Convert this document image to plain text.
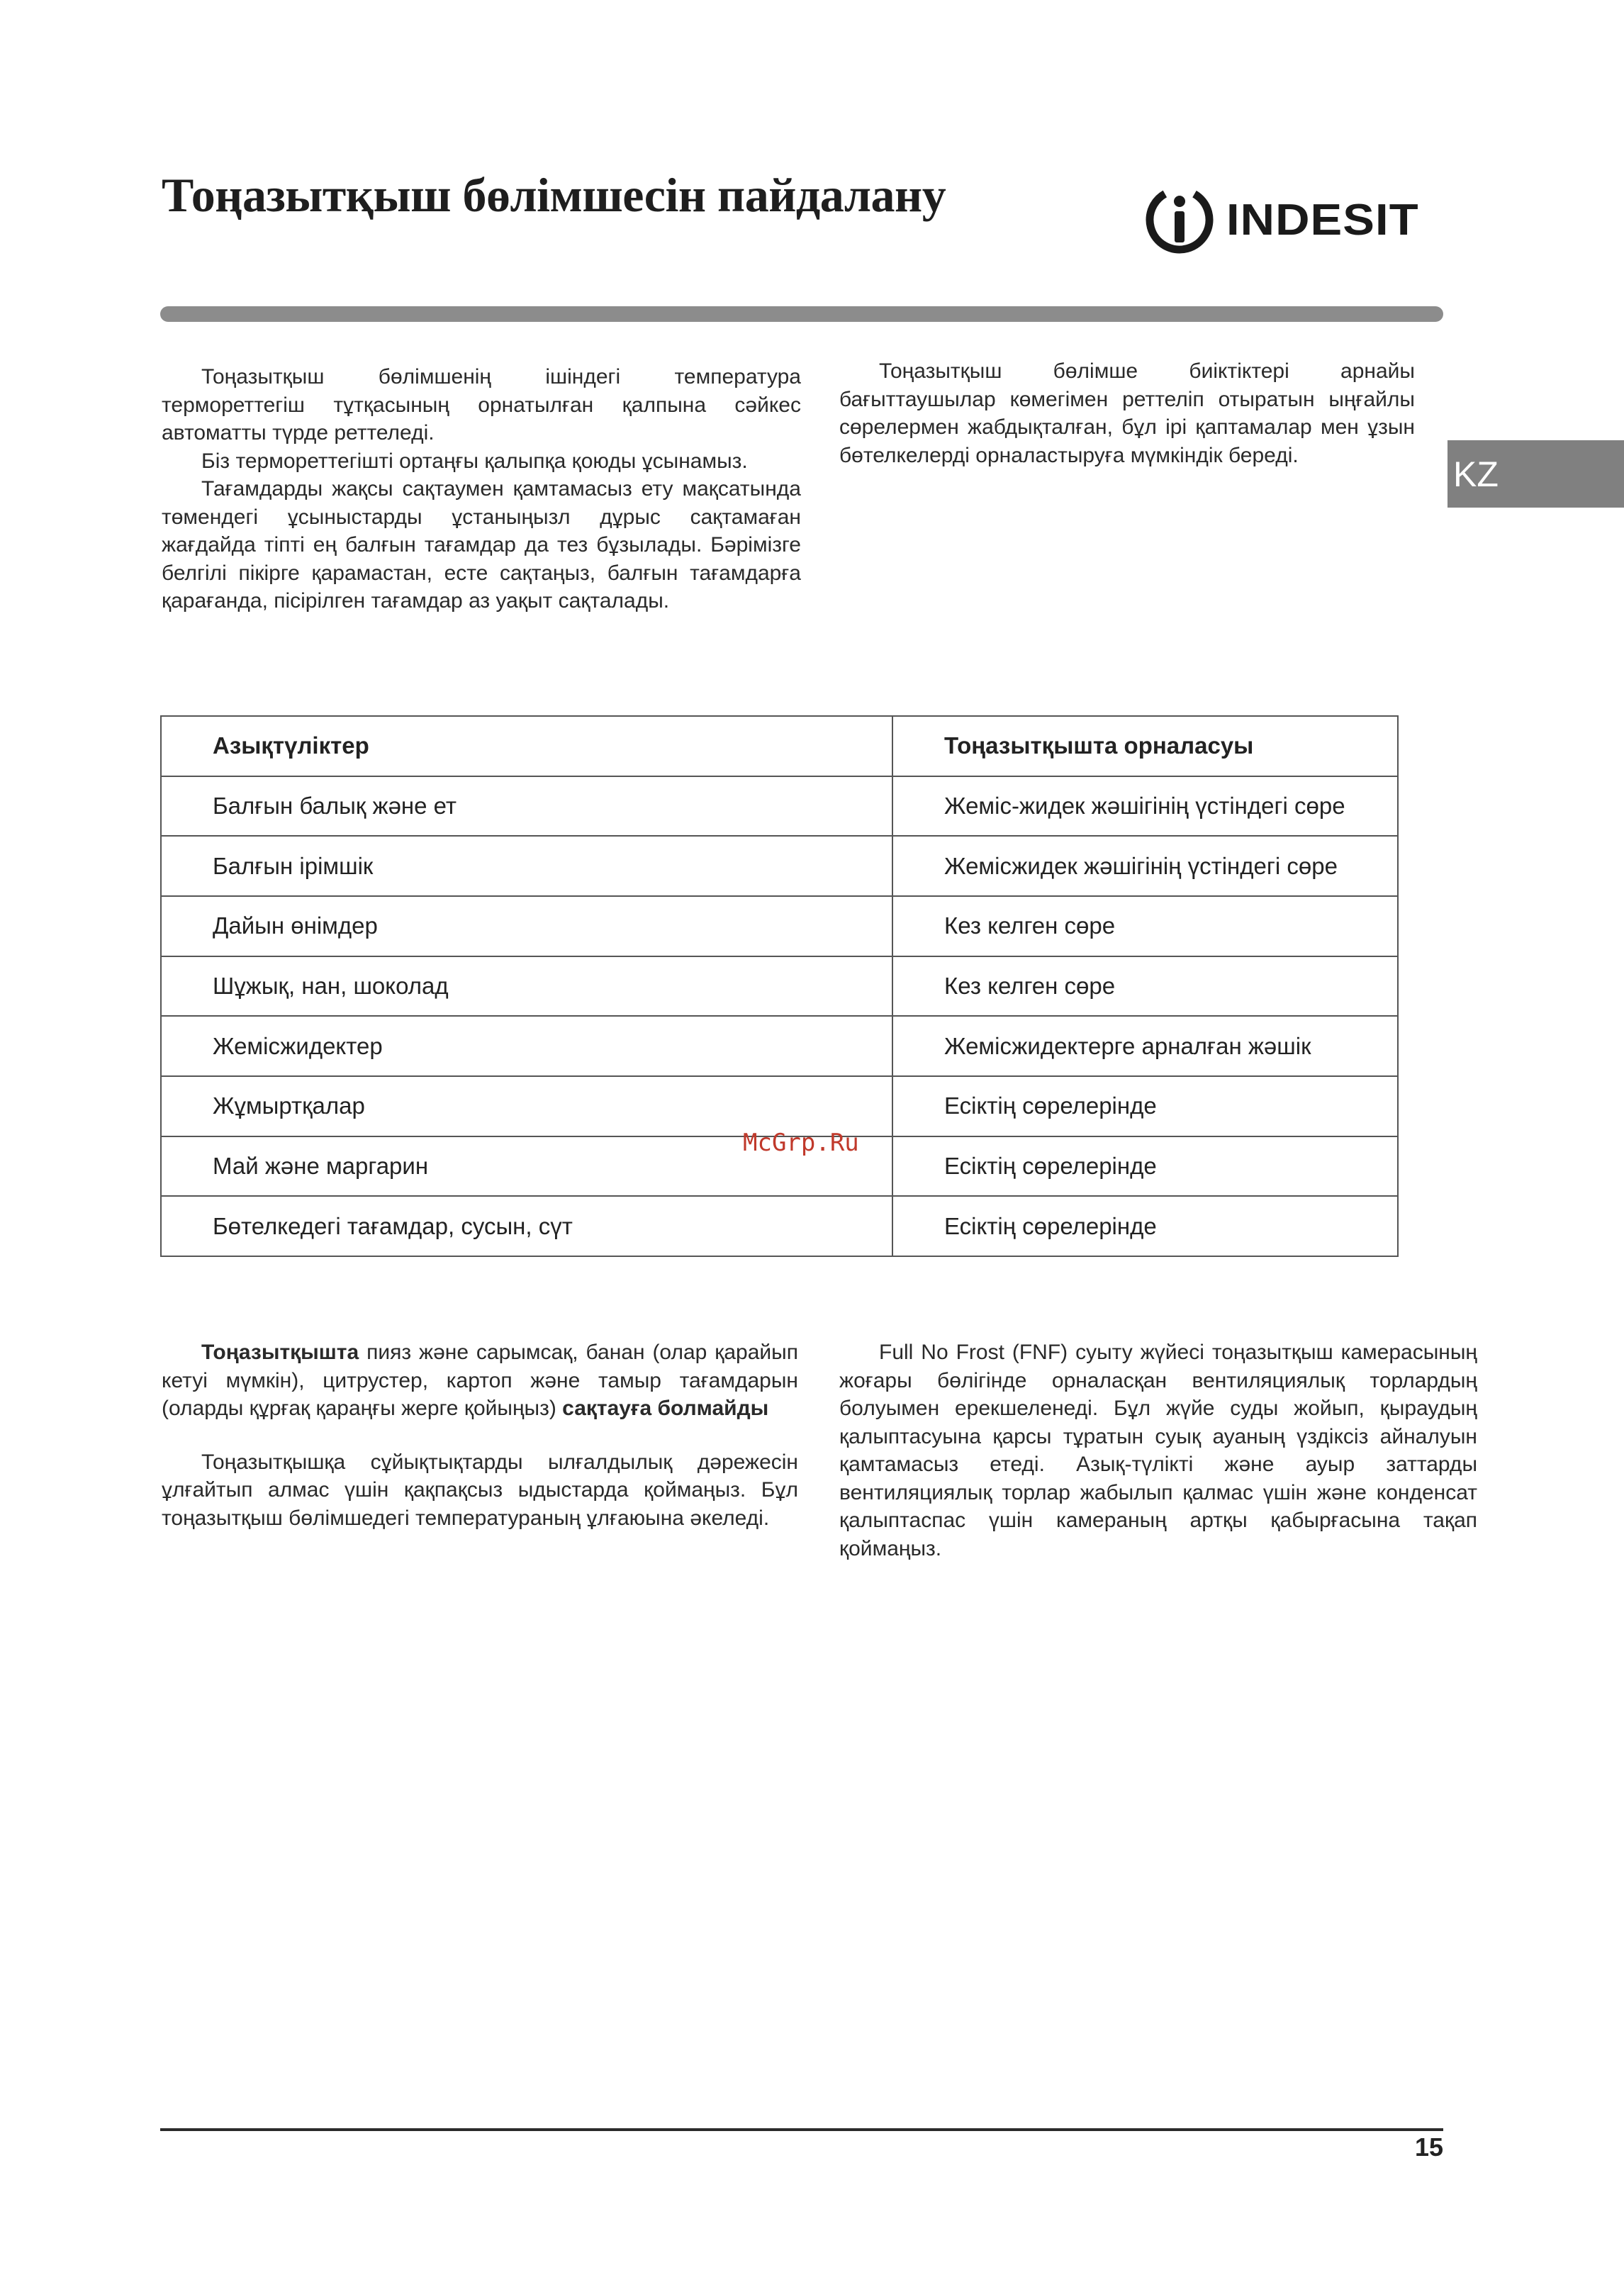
Тоңазытқыш бөлімшесін пайдалану	INDESIT
KZ

Тоңазытқыш бөлімшенің ішіндегі температура термореттегіш тұтқасының орнатылған қалпына сәйкес автоматты түрде реттеледі.

Біз термореттегішті ортаңғы қалыпқа қоюды ұсынамыз.

Тағамдарды жақсы сақтаумен қамтамасыз ету мақсатында төмендегі ұсыныстарды ұстаныңызл дұрыс сақтамаған жағдайда тіпті ең балғын тағамдар да тез бұзылады. Бәрімізге белгілі пікірге қарамастан, есте сақтаңыз, балғын тағамдарға қарағанда, пісірілген тағамдар аз уақыт сақталады.

Тоңазытқыш бөлімше биіктіктері арнайы бағыттаушылар көмегімен реттеліп отыратын ыңғайлы сөрелермен жабдықталған, бұл ірі қаптамалар мен ұзын бөтелкелерді орналастыруға мүмкіндік береді.

Азықтүліктер	Тоңазытқышта орналасуы
Балғын балық және ет	Жеміс-жидек жәшігінің үстіндегі сөре
Балғын ірімшік	Жемісжидек жәшігінің үстіндегі сөре
Дайын өнімдер	Кез келген сөре
Шұжық, нан, шоколад	Кез келген сөре
Жемісжидектер	Жемісжидектерге арналған жәшік
Жұмыртқалар	Есіктің сөрелерінде
Май және маргарин	Есіктің сөрелерінде
Бөтелкедегі тағамдар, сусын, сүт	Есіктің сөрелерінде
McGrp.Ru

Тоңазытқышта пияз және сарымсақ, банан (олар қарайып кетуі мүмкін), цитрустер, картоп және тамыр тағамдарын (оларды құрғақ қараңғы жерге қойыңыз) сақтауға болмайды

Тоңазытқышқа сұйықтықтарды ылғалдылық дәрежесін ұлғайтып алмас үшін қақпақсыз ыдыстарда қоймаңыз. Бұл тоңазытқыш бөлімшедегі температураның ұлғаюына әкеледі.

Full No Frost (FNF) суыту жүйесі тоңазытқыш камерасының жоғары бөлігінде орналасқан вентиляциялық торлардың болуымен ерекшеленеді. Бұл жүйе суды жойып, қыраудың қалыптасуына қарсы тұратын суық ауаның үздіксіз айналуын қамтамасыз етеді. Азық-түлікті және ауыр заттарды вентиляциялық торлар жабылып қалмас үшін және конденсат қалыптаспас үшін камераның артқы қабырғасына тақап қоймаңыз.

15
